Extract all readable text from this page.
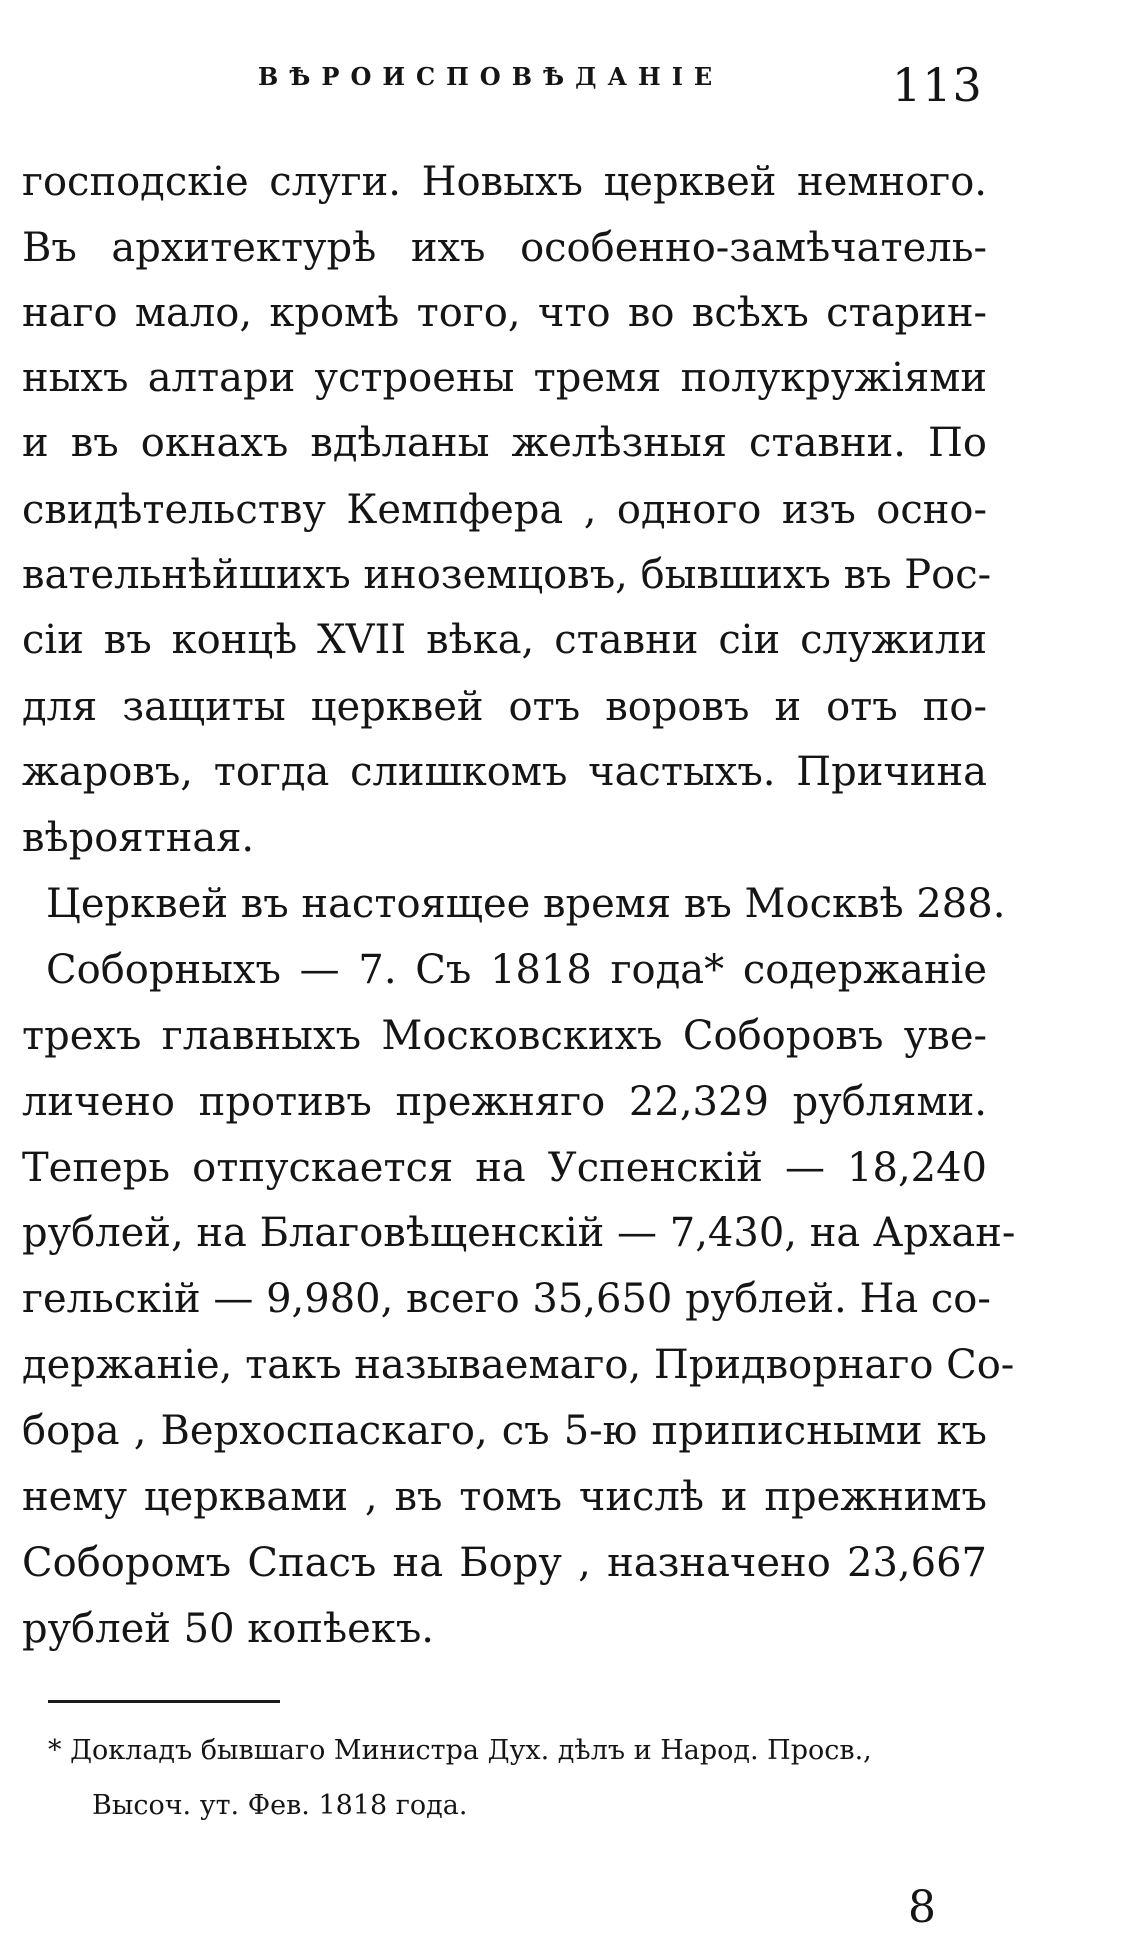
ВѢРОИСПОВѢДАНІЕ	113
господскіе слуги. Новыхъ церквей немного.
Въ архитектурѣ ихъ особенно-замѣчатель-
наго мало, кромѣ того, что во всѣхъ старин-
ныхъ алтари устроены тремя полукружіями
и въ окнахъ вдѣланы желѣзныя ставни. По
свидѣтельству Кемпфера , одного изъ осно-
вательнѣйшихъ иноземцовъ, бывшихъ въ Рос-
сіи въ концѣ XVII вѣка, ставни сіи служили
для защиты церквей отъ воровъ и отъ по-
жаровъ, тогда слишкомъ частыхъ. Причина
вѣроятная.
Церквей въ настоящее время въ Москвѣ 288.
Соборныхъ — 7. Съ 1818 года* содержаніе
трехъ главныхъ Московскихъ Соборовъ уве-
личено противъ прежняго 22,329 рублями.
Теперь отпускается на Успенскій — 18,240
рублей, на Благовѣщенскій — 7,430, на Архан-
гельскій — 9,980, всего 35,650 рублей. На со-
держаніе, такъ называемаго, Придворнаго Со-
бора , Верхоспаскаго, съ 5-ю приписными къ
нему церквами , въ томъ числѣ и прежнимъ
Соборомъ Спасъ на Бору , назначено 23,667
рублей 50 копѣекъ.
* Докладъ бывшаго Министра Дух. дѣлъ и Народ. Просв.,
Высоч. ут. Фев. 1818 года.
8
